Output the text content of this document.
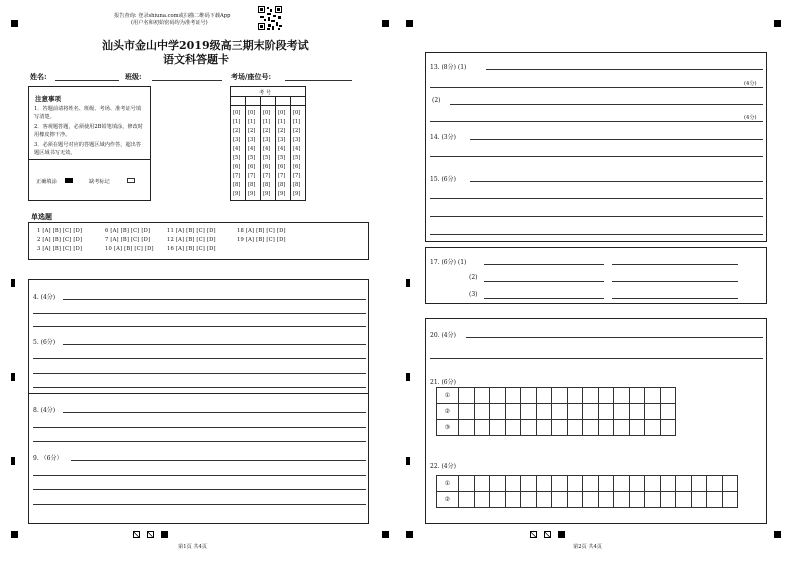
报告查询: 登录shiuna.com或扫描二维码下载App
(用户名和初始密码均为准考证号)
汕头市金山中学2019级高三期末阶段考试
语文科答题卡
姓名:	班级:	考场/座位号:
注意事项
1．答题前请将姓名、班级、考场、准考证号填写清楚。
2．客观题答题，必须使用2B铅笔填涂，修改时用橡皮擦干净。
3．必须在题号对应的答题区域内作答，超出答题区域书写无效。
正确填涂	缺考标记
考 号
[0] [0] [0] [0] [0]
[1] [1] [1] [1] [1]
[2] [2] [2] [2] [2]
[3] [3] [3] [3] [3]
[4] [4] [4] [4] [4]
[5] [5] [5] [5] [5]
[6] [6] [6] [6] [6]
[7] [7] [7] [7] [7]
[8] [8] [8] [8] [8]
[9] [9] [9] [9] [9]
单选题
1 [A] [B] [C] [D]	6 [A] [B] [C] [D]	11 [A] [B] [C] [D]	18 [A] [B] [C] [D]
2 [A] [B] [C] [D]	7 [A] [B] [C] [D]	12 [A] [B] [C] [D]	19 [A] [B] [C] [D]
3 [A] [B] [C] [D]	10 [A] [B] [C] [D]	16 [A] [B] [C] [D]
4. (4分)
5. (6分)
8. (4分)
9. （6分）
第1页 共4页
13. (8分) (1)
(4分)
(2)
(4分)
14. (3分)
15. (6分)
17. (6分) (1)
(2)
(3)
20. (4分)
21. (6分)
①														
②														
③														
22. (4分)
①																		
②																		
第2页 共4页
